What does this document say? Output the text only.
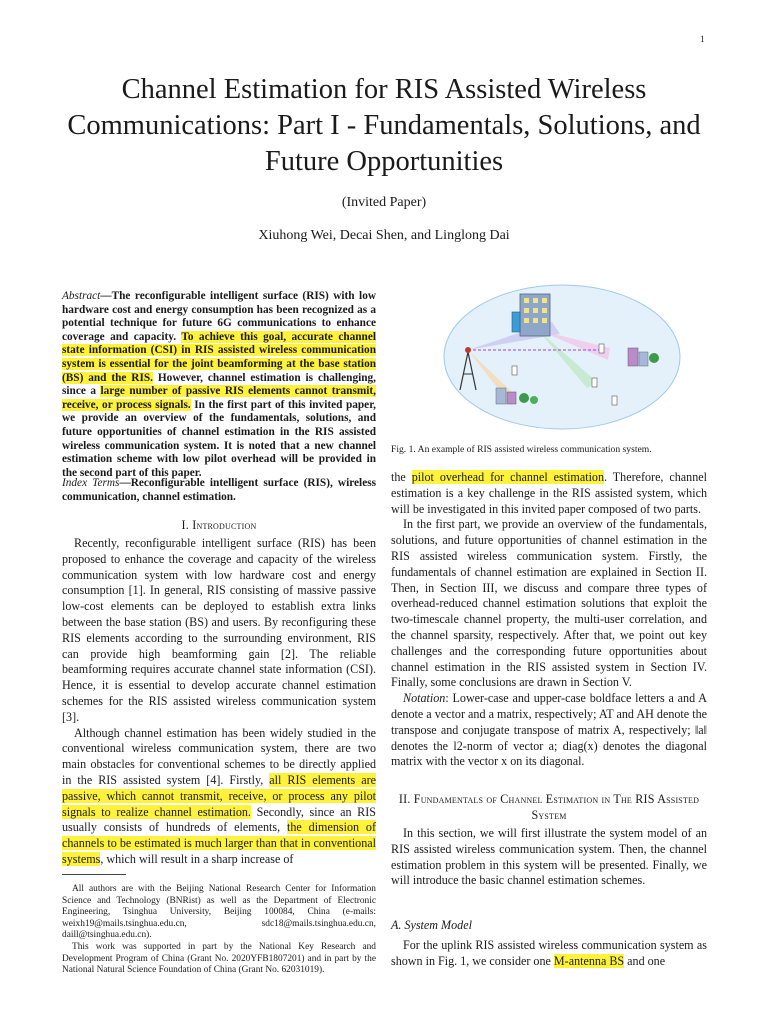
1
Channel Estimation for RIS Assisted Wireless Communications: Part I - Fundamentals, Solutions, and Future Opportunities
(Invited Paper)
Xiuhong Wei, Decai Shen, and Linglong Dai
Abstract—The reconfigurable intelligent surface (RIS) with low hardware cost and energy consumption has been recognized as a potential technique for future 6G communications to enhance coverage and capacity. To achieve this goal, accurate channel state information (CSI) in RIS assisted wireless communication system is essential for the joint beamforming at the base station (BS) and the RIS. However, channel estimation is challenging, since a large number of passive RIS elements cannot transmit, receive, or process signals. In the first part of this invited paper, we provide an overview of the fundamentals, solutions, and future opportunities of channel estimation in the RIS assisted wireless communication system. It is noted that a new channel estimation scheme with low pilot overhead will be provided in the second part of this paper.
Index Terms—Reconfigurable intelligent surface (RIS), wireless communication, channel estimation.
I. Introduction

Recently, reconfigurable intelligent surface (RIS) has been proposed to enhance the coverage and capacity of the wireless communication system with low hardware cost and energy consumption [1]. In general, RIS consisting of massive passive low-cost elements can be deployed to establish extra links between the base station (BS) and users. By reconfiguring these RIS elements according to the surrounding environment, RIS can provide high beamforming gain [2]. The reliable beamforming requires accurate channel state information (CSI). Hence, it is essential to develop accurate channel estimation schemes for the RIS assisted wireless communication system [3].

Although channel estimation has been widely studied in the conventional wireless communication system, there are two main obstacles for conventional schemes to be directly applied in the RIS assisted system [4]. Firstly, all RIS elements are passive, which cannot transmit, receive, or process any pilot signals to realize channel estimation. Secondly, since an RIS usually consists of hundreds of elements, the dimension of channels to be estimated is much larger than that in conventional systems, which will result in a sharp increase of

All authors are with the Beijing National Research Center for Information Science and Technology (BNRist) as well as the Department of Electronic Engineering, Tsinghua University, Beijing 100084, China (e-mails: weixh19@mails.tsinghua.edu.cn, sdc18@mails.tsinghua.edu.cn, daill@tsinghua.edu.cn).

This work was supported in part by the National Key Research and Development Program of China (Grant No. 2020YFB1807201) and in part by the National Natural Science Foundation of China (Grant No. 62031019).

Fig. 1. An example of RIS assisted wireless communication system.

the pilot overhead for channel estimation. Therefore, channel estimation is a key challenge in the RIS assisted system, which will be investigated in this invited paper composed of two parts.

In the first part, we provide an overview of the fundamentals, solutions, and future opportunities of channel estimation in the RIS assisted wireless communication system. Firstly, the fundamentals of channel estimation are explained in Section II. Then, in Section III, we discuss and compare three types of overhead-reduced channel estimation solutions that exploit the two-timescale channel property, the multi-user correlation, and the channel sparsity, respectively. After that, we point out key challenges and the corresponding future opportunities about channel estimation in the RIS assisted system in Section IV. Finally, some conclusions are drawn in Section V.

Notation: Lower-case and upper-case boldface letters a and A denote a vector and a matrix, respectively; AT and AH denote the transpose and conjugate transpose of matrix A, respectively; ‖a‖ denotes the l2-norm of vector a; diag(x) denotes the diagonal matrix with the vector x on its diagonal.

II. Fundamentals of Channel Estimation in The RIS Assisted System

In this section, we will first illustrate the system model of an RIS assisted wireless communication system. Then, the channel estimation problem in this system will be presented. Finally, we will introduce the basic channel estimation schemes.

A. System Model

For the uplink RIS assisted wireless communication system as shown in Fig. 1, we consider one M-antenna BS and one
